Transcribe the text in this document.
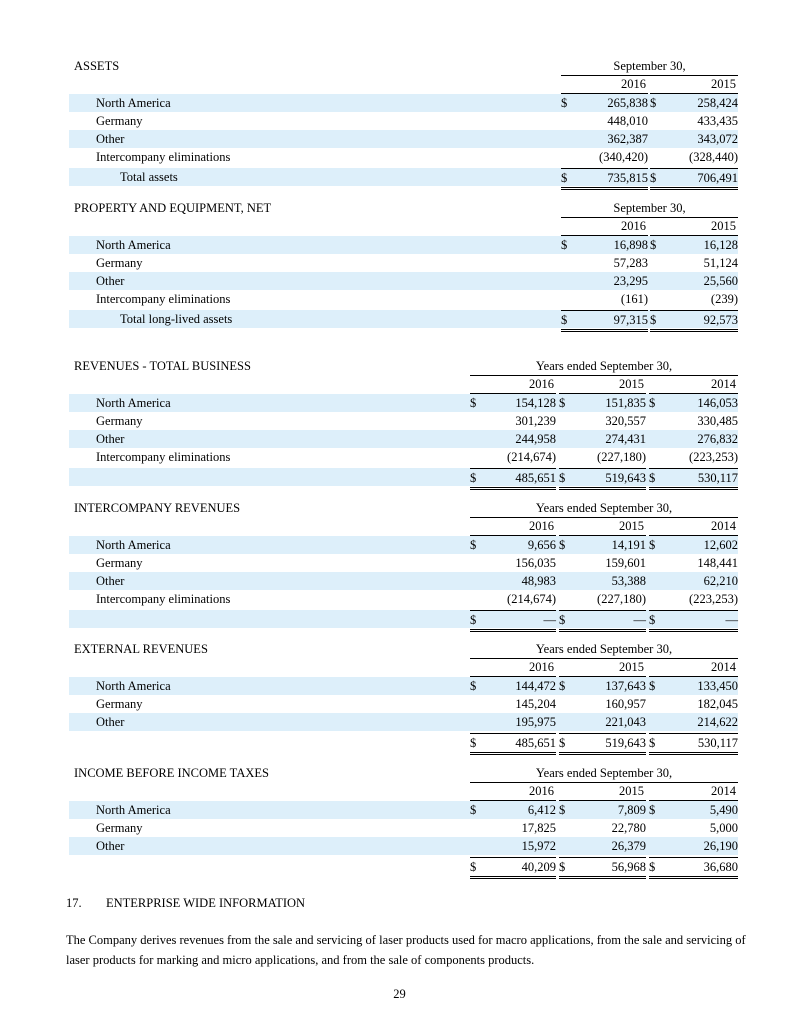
ASSETS	September 30,
2016	2015
North America	$	265,838 $	258,424
Germany	448,010	433,435
Other	362,387	343,072
Intercompany eliminations	(340,420)	(328,440)
Total assets	$	735,815 $	706,491
PROPERTY AND EQUIPMENT, NET	September 30,
2016	2015
North America	$	16,898 $	16,128
Germany	57,283	51,124
Other	23,295	25,560
Intercompany eliminations	(161)	(239)
Total long-lived assets	$	97,315 $	92,573
REVENUES - TOTAL BUSINESS	Years ended September 30,
2016	2015	2014
North America	$	154,128 $	151,835 $	146,053
Germany	301,239	320,557	330,485
Other	244,958	274,431	276,832
Intercompany eliminations	(214,674)	(227,180)	(223,253)
$	485,651 $	519,643 $	530,117
INTERCOMPANY REVENUES	Years ended September 30,
2016	2015	2014
North America	$	9,656 $	14,191 $	12,602
Germany	156,035	159,601	148,441
Other	48,983	53,388	62,210
Intercompany eliminations	(214,674)	(227,180)	(223,253)
$	— $	— $	—
EXTERNAL REVENUES	Years ended September 30,
2016	2015	2014
North America	$	144,472 $	137,643 $	133,450
Germany	145,204	160,957	182,045
Other	195,975	221,043	214,622
$	485,651 $	519,643 $	530,117
INCOME BEFORE INCOME TAXES	Years ended September 30,
2016	2015	2014
North America	$	6,412 $	7,809 $	5,490
Germany	17,825	22,780	5,000
Other	15,972	26,379	26,190
$	40,209 $	56,968 $	36,680
17. ENTERPRISE WIDE INFORMATION
The Company derives revenues from the sale and servicing of laser products used for macro applications, from the sale and servicing of laser products for marking and micro applications, and from the sale of components products.
29
